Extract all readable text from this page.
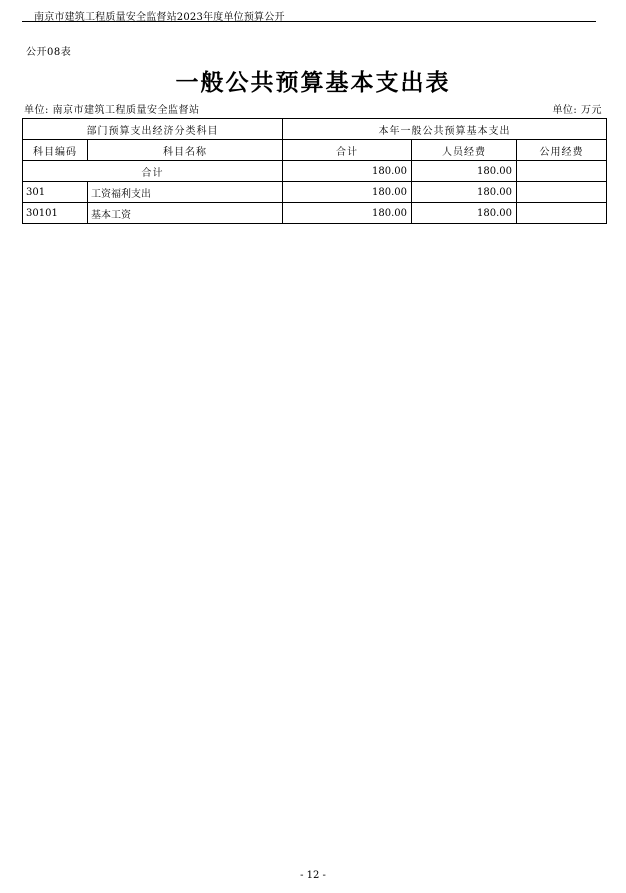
南京市建筑工程质量安全监督站2023年度单位预算公开
公开08表
一般公共预算基本支出表
单位: 南京市建筑工程质量安全监督站	单位: 万元
部门预算支出经济分类科目		本年一般公共预算基本支出		
科目编码	科目名称	合计	人员经费	公用经费
合计		180.00	180.00	
301	工资福利支出	180.00	180.00	
30101	基本工资	180.00	180.00	
- 12 -
